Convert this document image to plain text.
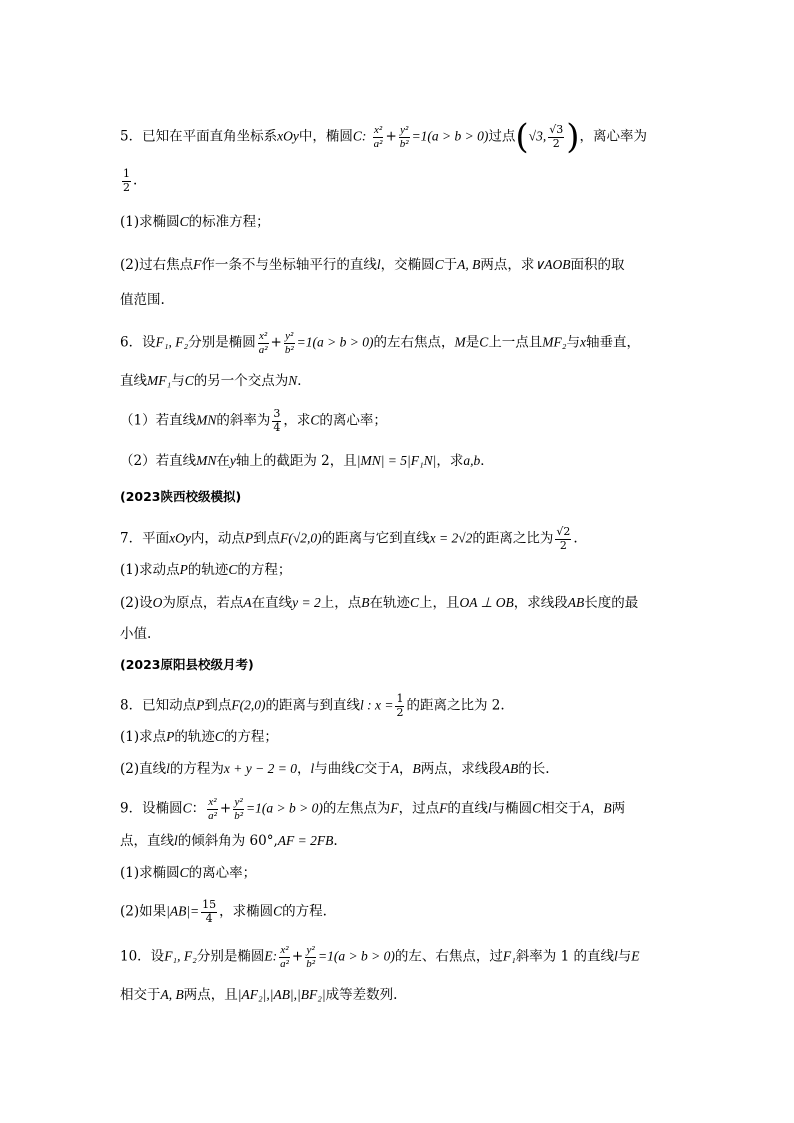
5．已知在平面直角坐标系xOy中，椭圆C: $\frac{\text{x²}}{\text{a²}} + \frac{\text{y²}}{\text{b²}} =1(a > b > 0)$过点(√3, $\frac{√3}{2}$ )，离心率为
$\frac{1}{2}$ .
(1)求椭圆C的标准方程；
(2)过右焦点F作一条不与坐标轴平行的直线l，交椭圆C于A, B两点，求∨AOB面积的取
值范围.
6．设F₁, F₂分别是椭圆 $\frac{\text{x²}}{\text{a²}} + \frac{\text{y²}}{\text{b²}} =1(a > b > 0)$的左右焦点，M是C上一点且MF₂与x轴垂直，
直线MF₁与C的另一个交点为N．
（1）若直线MN的斜率为 $\frac{3}{4}$ ，求C的离心率；
（2）若直线MN在y轴上的截距为 2，且|MN| = 5|F₁N|，求a,b．
(2023陕西校级模拟)
7．平面xOy内，动点P到点F(√2,0)的距离与它到直线x = 2√2的距离之比为 $\frac{√2}{2}$ .
(1)求动点P的轨迹C的方程；
(2)设O为原点，若点A在直线y = 2上，点B在轨迹C上，且OA ⊥ OB，求线段AB长度的最
小值.
(2023原阳县校级月考)
8．已知动点P到点F(2,0)的距离与到直线l : $x = \frac{1}{2}$ 的距离之比为 2.
(1)求点P的轨迹C的方程；
(2)直线l的方程为x + y − 2 = 0，l与曲线C交于A，B两点，求线段AB的长.
9．设椭圆C： $\frac{\text{x²}}{\text{a²}} + \frac{\text{y²}}{\text{b²}} =1(a > b > 0)$的左焦点为F，过点F的直线l与椭圆C相交于A，B两
点，直线l的倾斜角为 60°,AF = 2FB.
(1)求椭圆C的离心率；
(2)如果$|AB|= \frac{15}{4}$ ，求椭圆C的方程.
10．设F₁, F₂分别是椭圆E: $\frac{\text{x²}}{\text{a²}} + \frac{\text{y²}}{\text{b²}} =1(a > b > 0)$的左、右焦点，过F₁斜率为 1 的直线l与E
相交于A, B两点，且|AF₂|,|AB|,|BF₂|成等差数列.
